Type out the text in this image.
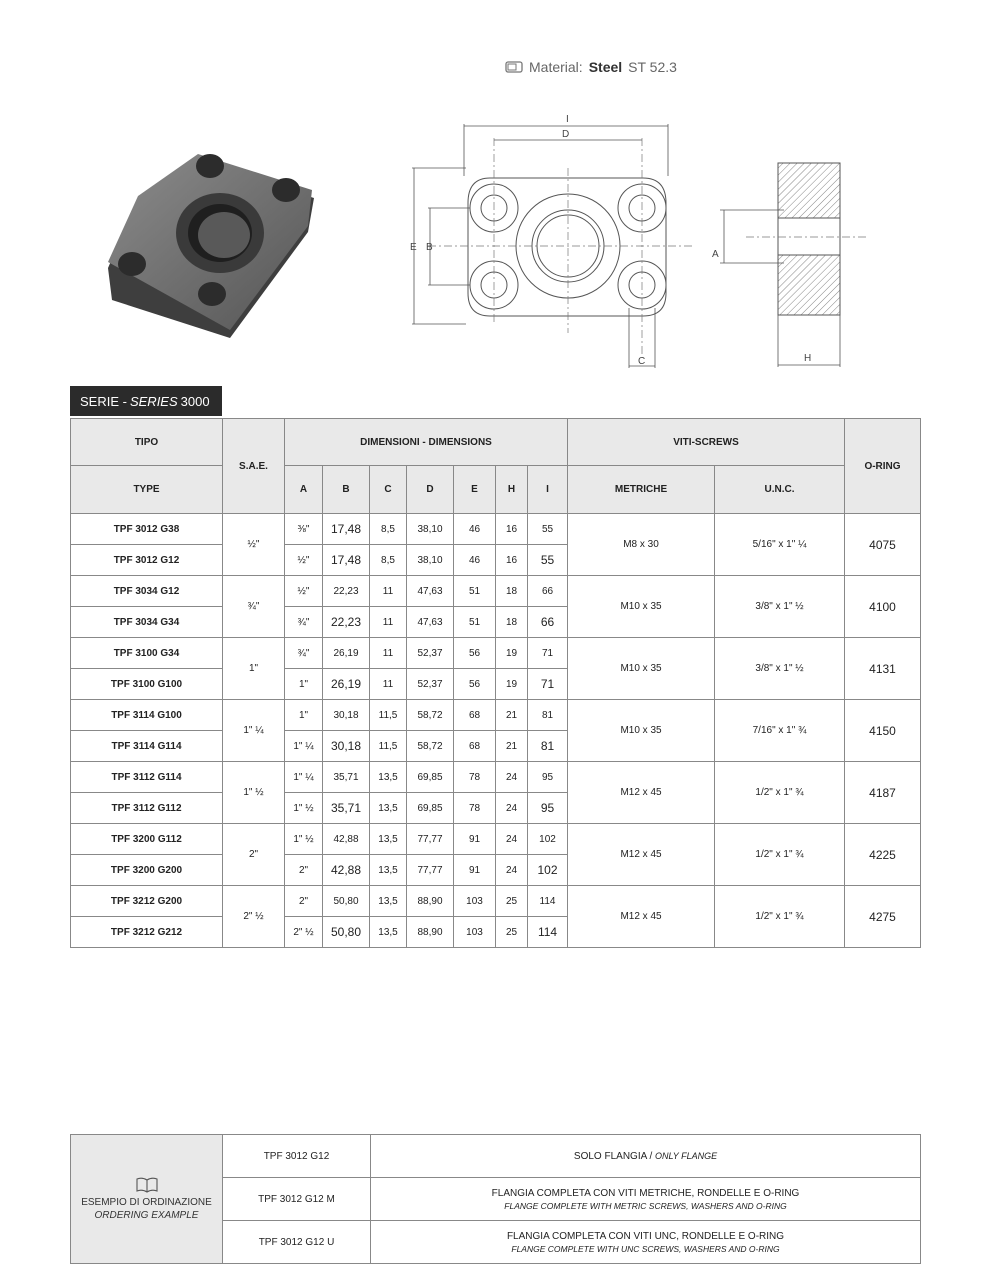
Material: Steel ST 52.3
I
D
E B
C
A
H
SERIE - SERIES 3000
TIPO	S.A.E.	DIMENSIONI - DIMENSIONS							VITI-SCREWS		O-RING
TYPE		A	B	C	D	E	H	I	METRICHE	U.N.C.	
TPF 3012 G38	½"	⅜"	17,48	8,5	38,10	46	16	55	M8 x 30	5/16" x 1" ¼	4075
TPF 3012 G12		½"	17,48	8,5	38,10	46	16	55			
TPF 3034 G12	¾"	½"	22,23	11	47,63	51	18	66	M10 x 35	3/8" x 1" ½	4100
TPF 3034 G34		¾"	22,23	11	47,63	51	18	66			
TPF 3100 G34	1"	¾"	26,19	11	52,37	56	19	71	M10 x 35	3/8" x 1" ½	4131
TPF 3100 G100		1"	26,19	11	52,37	56	19	71			
TPF 3114 G100	1" ¼	1"	30,18	11,5	58,72	68	21	81	M10 x 35	7/16" x 1" ¾	4150
TPF 3114 G114		1" ¼	30,18	11,5	58,72	68	21	81			
TPF 3112 G114	1" ½	1" ¼	35,71	13,5	69,85	78	24	95	M12 x 45	1/2" x 1" ¾	4187
TPF 3112 G112		1" ½	35,71	13,5	69,85	78	24	95			
TPF 3200 G112	2"	1" ½	42,88	13,5	77,77	91	24	102	M12 x 45	1/2" x 1" ¾	4225
TPF 3200 G200		2"	42,88	13,5	77,77	91	24	102			
TPF 3212 G200	2" ½	2"	50,80	13,5	88,90	103	25	114	M12 x 45	1/2" x 1" ¾	4275
TPF 3212 G212		2" ½	50,80	13,5	88,90	103	25	114			
ESEMPIO DI ORDINAZIONE
ORDERING EXAMPLE	TPF 3012 G12	SOLO FLANGIA / ONLY FLANGE
	TPF 3012 G12 M	FLANGIA COMPLETA CON VITI METRICHE, RONDELLE E O-RING
FLANGE COMPLETE WITH METRIC SCREWS, WASHERS AND O-RING

	TPF 3012 G12 U	FLANGIA COMPLETA CON VITI UNC, RONDELLE E O-RING
FLANGE COMPLETE WITH UNC SCREWS, WASHERS AND O-RING
